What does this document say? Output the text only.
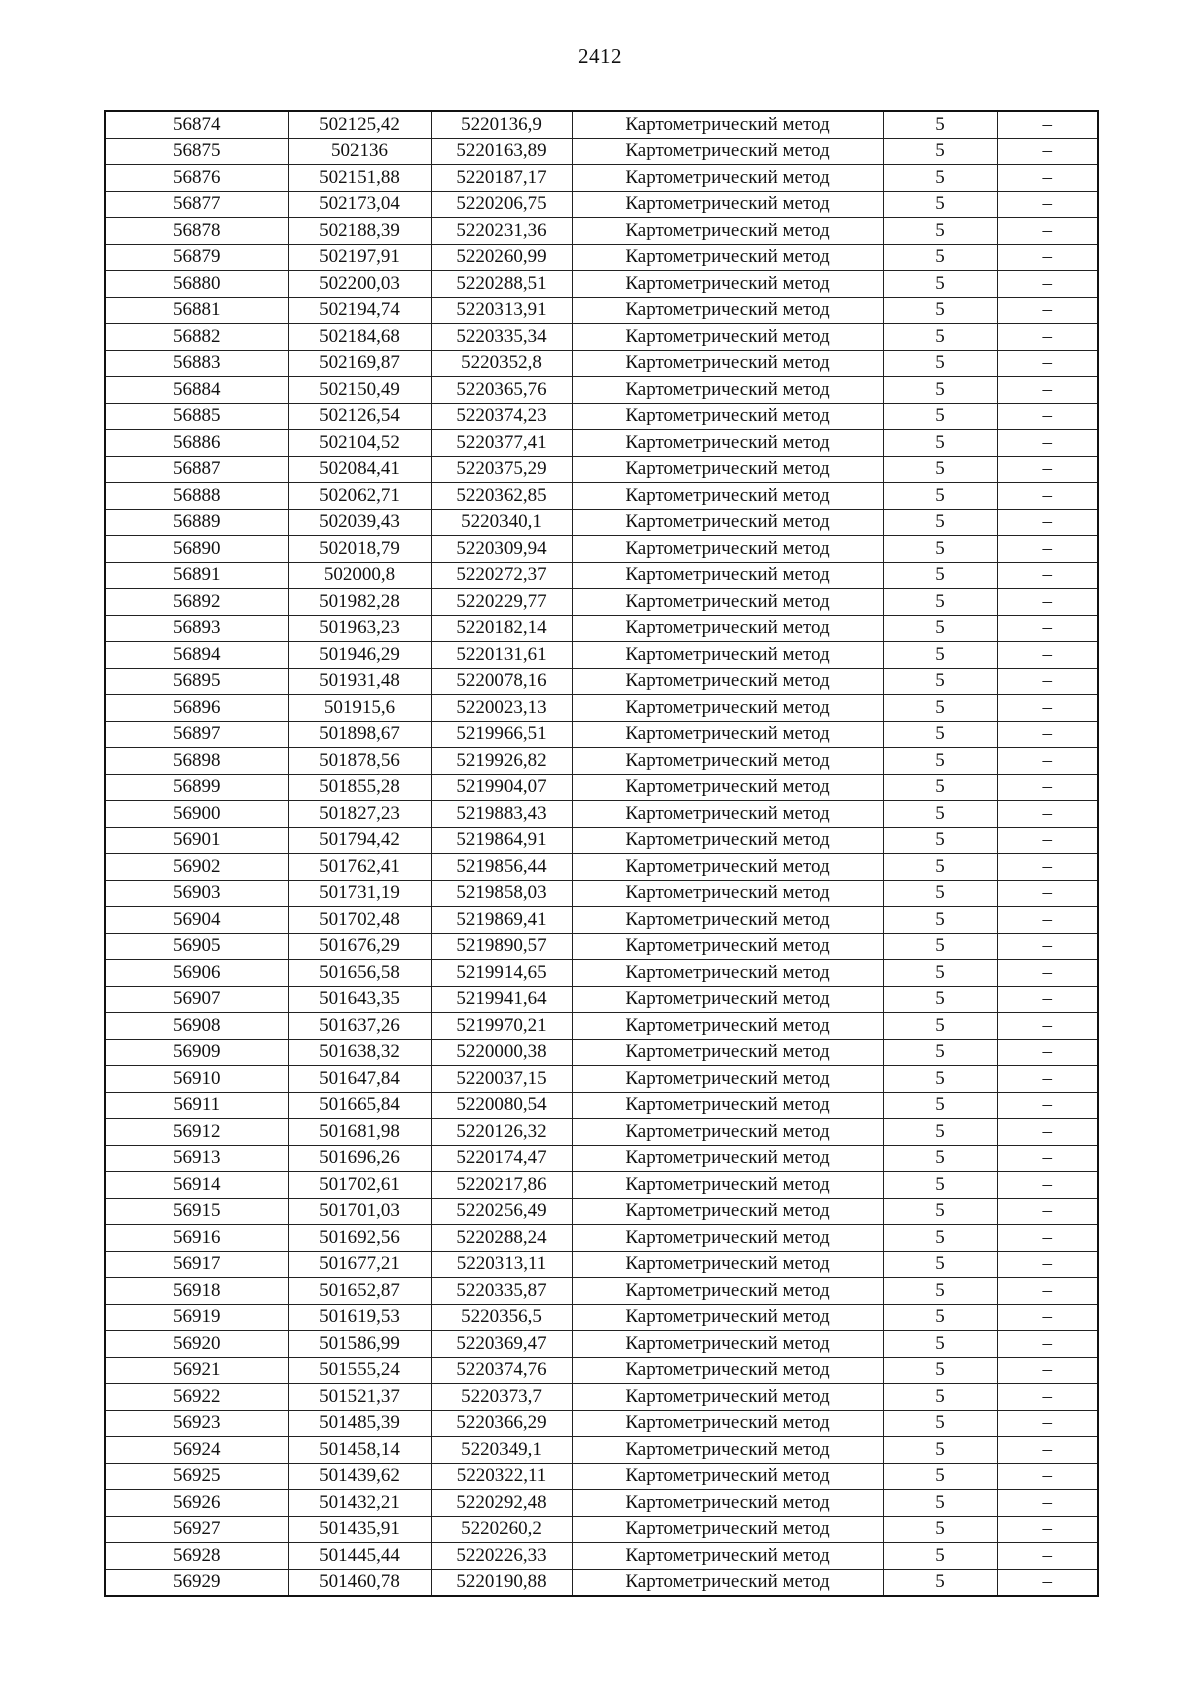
2412
56874	502125,42	5220136,9	Картометрический метод	5	–
56875	502136	5220163,89	Картометрический метод	5	–
56876	502151,88	5220187,17	Картометрический метод	5	–
56877	502173,04	5220206,75	Картометрический метод	5	–
56878	502188,39	5220231,36	Картометрический метод	5	–
56879	502197,91	5220260,99	Картометрический метод	5	–
56880	502200,03	5220288,51	Картометрический метод	5	–
56881	502194,74	5220313,91	Картометрический метод	5	–
56882	502184,68	5220335,34	Картометрический метод	5	–
56883	502169,87	5220352,8	Картометрический метод	5	–
56884	502150,49	5220365,76	Картометрический метод	5	–
56885	502126,54	5220374,23	Картометрический метод	5	–
56886	502104,52	5220377,41	Картометрический метод	5	–
56887	502084,41	5220375,29	Картометрический метод	5	–
56888	502062,71	5220362,85	Картометрический метод	5	–
56889	502039,43	5220340,1	Картометрический метод	5	–
56890	502018,79	5220309,94	Картометрический метод	5	–
56891	502000,8	5220272,37	Картометрический метод	5	–
56892	501982,28	5220229,77	Картометрический метод	5	–
56893	501963,23	5220182,14	Картометрический метод	5	–
56894	501946,29	5220131,61	Картометрический метод	5	–
56895	501931,48	5220078,16	Картометрический метод	5	–
56896	501915,6	5220023,13	Картометрический метод	5	–
56897	501898,67	5219966,51	Картометрический метод	5	–
56898	501878,56	5219926,82	Картометрический метод	5	–
56899	501855,28	5219904,07	Картометрический метод	5	–
56900	501827,23	5219883,43	Картометрический метод	5	–
56901	501794,42	5219864,91	Картометрический метод	5	–
56902	501762,41	5219856,44	Картометрический метод	5	–
56903	501731,19	5219858,03	Картометрический метод	5	–
56904	501702,48	5219869,41	Картометрический метод	5	–
56905	501676,29	5219890,57	Картометрический метод	5	–
56906	501656,58	5219914,65	Картометрический метод	5	–
56907	501643,35	5219941,64	Картометрический метод	5	–
56908	501637,26	5219970,21	Картометрический метод	5	–
56909	501638,32	5220000,38	Картометрический метод	5	–
56910	501647,84	5220037,15	Картометрический метод	5	–
56911	501665,84	5220080,54	Картометрический метод	5	–
56912	501681,98	5220126,32	Картометрический метод	5	–
56913	501696,26	5220174,47	Картометрический метод	5	–
56914	501702,61	5220217,86	Картометрический метод	5	–
56915	501701,03	5220256,49	Картометрический метод	5	–
56916	501692,56	5220288,24	Картометрический метод	5	–
56917	501677,21	5220313,11	Картометрический метод	5	–
56918	501652,87	5220335,87	Картометрический метод	5	–
56919	501619,53	5220356,5	Картометрический метод	5	–
56920	501586,99	5220369,47	Картометрический метод	5	–
56921	501555,24	5220374,76	Картометрический метод	5	–
56922	501521,37	5220373,7	Картометрический метод	5	–
56923	501485,39	5220366,29	Картометрический метод	5	–
56924	501458,14	5220349,1	Картометрический метод	5	–
56925	501439,62	5220322,11	Картометрический метод	5	–
56926	501432,21	5220292,48	Картометрический метод	5	–
56927	501435,91	5220260,2	Картометрический метод	5	–
56928	501445,44	5220226,33	Картометрический метод	5	–
56929	501460,78	5220190,88	Картометрический метод	5	–
